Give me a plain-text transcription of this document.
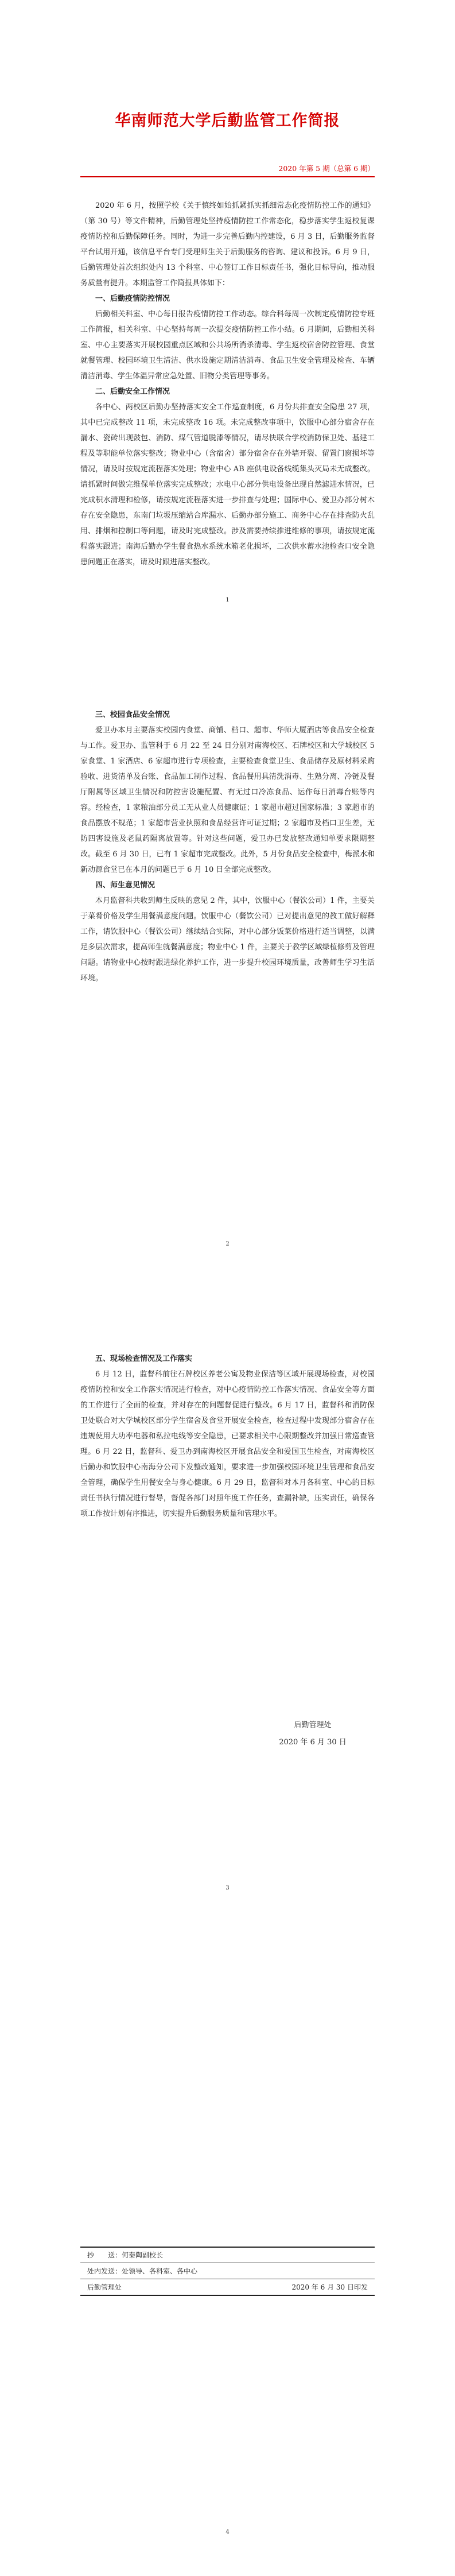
华南师范大学后勤监管工作简报
2020 年第 5 期（总第 6 期）

2020 年 6 月，按照学校《关于慎终如始抓紧抓实抓细常态化疫情防控工作的通知》（第 30 号）等文件精神，后勤管理处坚持疫情防控工作常态化，稳步落实学生返校复课疫情防控和后勤保障任务。同时，为进一步完善后勤内控建设，6 月 3 日，后勤服务监督平台试用开通，该信息平台专门受理师生关于后勤服务的咨询、建议和投诉。6 月 9 日，后勤管理处首次组织处内 13 个科室、中心签订工作目标责任书，强化目标导向，推动服务质量有提升。本期监管工作简报具体如下：

一、后勤疫情防控情况

后勤相关科室、中心每日报告疫情防控工作动态。综合科每周一次制定疫情防控专班工作简报，相关科室、中心坚持每周一次提交疫情防控工作小结。6 月期间，后勤相关科室、中心主要落实开展校园重点区域和公共场所消杀清毒、学生返校宿舍防控管理、食堂就餐管理、校园环境卫生清洁、供水设施定期清洁消毒、食品卫生安全管理及检查、车辆清洁消毒、学生体温异常应急处置、旧物分类管理等事务。

二、后勤安全工作情况

各中心、两校区后勤办坚持落实安全工作巡查制度，6 月份共排查安全隐患 27 项，其中已完成整改 11 项，未完成整改 16 项。未完成整改事项中，饮服中心部分宿舍存在漏水、瓷砖出现鼓包、消防、煤气管道脱漆等情况，请尽快联合学校消防保卫处、基建工程及等职能单位落实整改；物业中心（含宿舍）部分宿舍存在外墙开裂、留置门窗损坏等情况，请及时按规定流程落实处理；物业中心 AB 座供电设备线缆集头灭局未无成整改。请抓紧时间做完维保单位落实完成整改；水电中心部分供电设备出现自然滤进水情况，已完成积水清理和检修，请按规定流程落实进一步排查与处理；国际中心、爱卫办部分树木存在安全隐患，东南门垃圾压缩站合库漏水、后勤办部分施工、商务中心存在排查防火乱用、排烟和控制口等问题，请及时完成整改。涉及需要持续推进维修的事项，请按规定流程落实跟进；南海后勤办学生餐食热水系统水箱老化损坏，二次供水蓄水池检查口安全隐患问题正在落实，请及时跟进落实整改。

1

三、校园食品安全情况

爱卫办本月主要落实校园内食堂、商铺、档口、超市、华师大厦酒店等食品安全检查与工作。爱卫办、监管科于 6 月 22 至 24 日分别对南海校区、石牌校区和大学城校区 5 家食堂、1 家酒店、6 家超市进行专项检查，主要检查食堂卫生、食品储存及原材料采购验收、进货清单及台账、食品加工制作过程、食品餐用具清洗消毒、生熟分离、冷链及餐厅附属等区域卫生情况和防控害设施配置、有无过口冷冻食品、运作每日消毒台账等内容。经检查，1 家粮油部分员工无从业人员健康证；1 家超市超过国家标准；3 家超市的食品摆放不规范；1 家超市营业执照和食品经营许可证过期；2 家超市及档口卫生差，无防四害设施及老鼠药隔离放置等。针对这些问题，爱卫办已发放整改通知单要求限期整改。截至 6 月 30 日，已有 1 家超市完成整改。此外，5 月份食品安全检查中，梅派水和新动源食堂已在本月的问题已于 6 月 10 日全部完成整改。

四、师生意见情况

本月监督科共收到师生反映的意见 2 件，其中，饮服中心（餐饮公司）1 件，主要关于菜肴价格及学生用餐满意度问题。饮服中心（餐饮公司）已对提出意见的教工做好解释工作，请饮服中心（餐饮公司）继续结合实际，对中心部分饭菜价格进行适当调整，以满足多层次需求，提高师生就餐满意度；物业中心 1 件，主要关于教学区域绿植修剪及管理问题。请物业中心按时跟进绿化养护工作，进一步提升校园环境质量，改善师生学习生活环境。

2

五、现场检查情况及工作落实

6 月 12 日，监督科前往石牌校区养老公寓及物业保洁等区域开展现场检查，对校园疫情防控和安全工作落实情况进行检查，对中心疫情防控工作落实情况、食品安全等方面的工作进行了全面的检查，并对存在的问题督促进行整改。6 月 17 日，监督科和消防保卫处联合对大学城校区部分学生宿舍及食堂开展安全检查，检查过程中发现部分宿舍存在违规使用大功率电器和私拉电线等安全隐患，已要求相关中心限期整改并加强日常巡查管理。6 月 22 日，监督科、爱卫办到南海校区开展食品安全和爱国卫生检查，对南海校区后勤办和饮服中心南海分公司下发整改通知，要求进一步加强校园环境卫生管理和食品安全管理，确保学生用餐安全与身心健康。6 月 29 日，监督科对本月各科室、中心的目标责任书执行情况进行督导，督促各部门对照年度工作任务，查漏补缺，压实责任，确保各项工作按计划有序推进，切实提升后勤服务质量和管理水平。

后勤管理处
2020 年 6 月 30 日
3
抄　　送：何秦陶副校长
处内发送：处领导、各科室、各中心
后勤管理处	2020 年 6 月 30 日印发
4
